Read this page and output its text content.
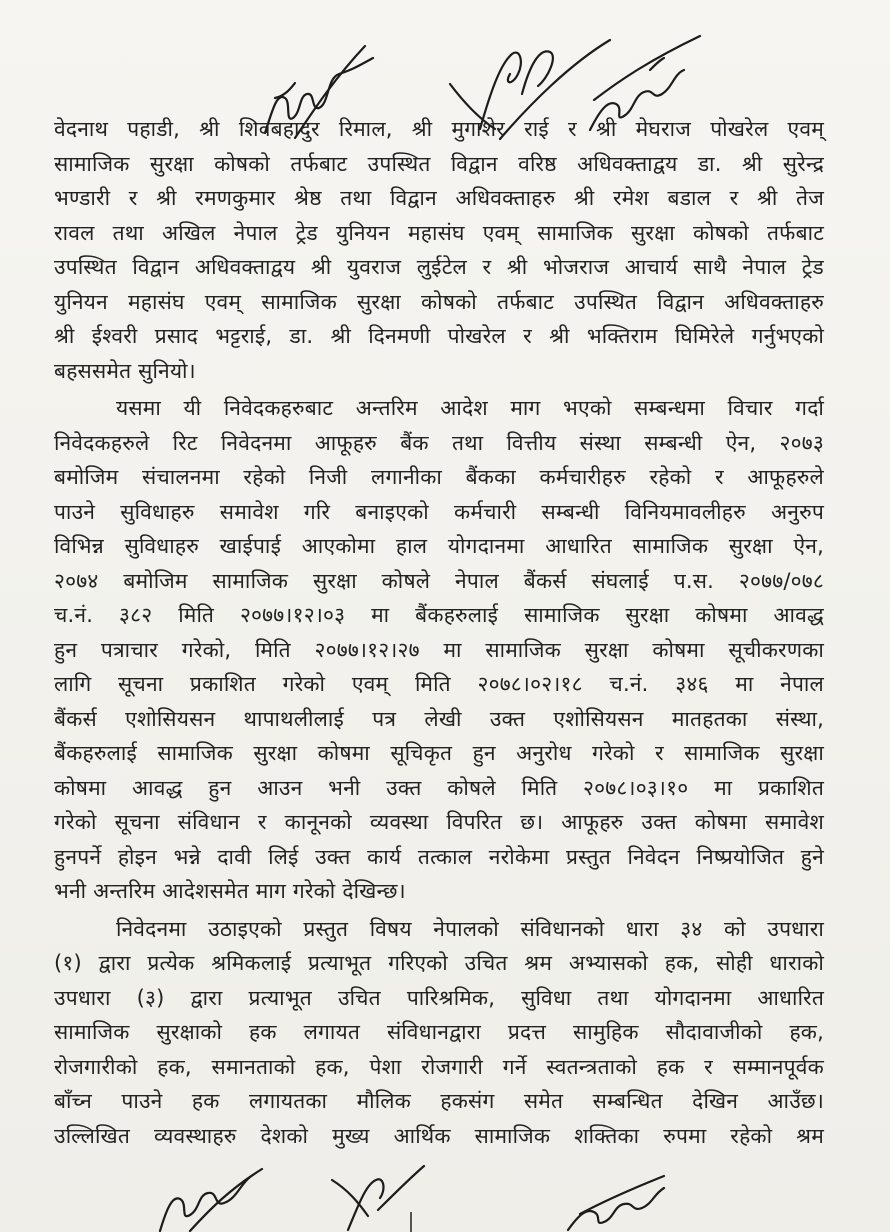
वेदनाथ पहाडी, श्री शिवबहादुर रिमाल, श्री मुगाशेर राई र श्री मेघराज पोखरेल एवम्
सामाजिक सुरक्षा कोषको तर्फबाट उपस्थित विद्वान वरिष्ठ अधिवक्ताद्वय डा. श्री सुरेन्द्र
भण्डारी र श्री रमणकुमार श्रेष्ठ तथा विद्वान अधिवक्ताहरु श्री रमेश बडाल र श्री तेज
रावल तथा अखिल नेपाल ट्रेड युनियन महासंघ एवम् सामाजिक सुरक्षा कोषको तर्फबाट
उपस्थित विद्वान अधिवक्ताद्वय श्री युवराज लुईटेल र श्री भोजराज आचार्य साथै नेपाल ट्रेड
युनियन महासंघ एवम् सामाजिक सुरक्षा कोषको तर्फबाट उपस्थित विद्वान अधिवक्ताहरु
श्री ईश्वरी प्रसाद भट्टराई, डा. श्री दिनमणी पोखरेल र श्री भक्तिराम घिमिरेले गर्नुभएको
बहससमेत सुनियो।
यसमा यी निवेदकहरुबाट अन्तरिम आदेश माग भएको सम्बन्धमा विचार गर्दा
निवेदकहरुले रिट निवेदनमा आफूहरु बैंक तथा वित्तीय संस्था सम्बन्धी ऐन, २०७३
बमोजिम संचालनमा रहेको निजी लगानीका बैंकका कर्मचारीहरु रहेको र आफूहरुले
पाउने सुविधाहरु समावेश गरि बनाइएको कर्मचारी सम्बन्धी विनियमावलीहरु अनुरुप
विभिन्न सुविधाहरु खाईपाई आएकोमा हाल योगदानमा आधारित सामाजिक सुरक्षा ऐन,
२०७४ बमोजिम सामाजिक सुरक्षा कोषले नेपाल बैंकर्स संघलाई प.स. २०७७/०७८
च.नं. ३८२ मिति २०७७।१२।०३ मा बैंकहरुलाई सामाजिक सुरक्षा कोषमा आवद्ध
हुन पत्राचार गरेको, मिति २०७७।१२।२७ मा सामाजिक सुरक्षा कोषमा सूचीकरणका
लागि सूचना प्रकाशित गरेको एवम् मिति २०७८।०२।१८ च.नं. ३४६ मा नेपाल
बैंकर्स एशोसियसन थापाथलीलाई पत्र लेखी उक्त एशोसियसन मातहतका संस्था,
बैंकहरुलाई सामाजिक सुरक्षा कोषमा सूचिकृत हुन अनुरोध गरेको र सामाजिक सुरक्षा
कोषमा आवद्ध हुन आउन भनी उक्त कोषले मिति २०७८।०३।१० मा प्रकाशित
गरेको सूचना संविधान र कानूनको व्यवस्था विपरित छ। आफूहरु उक्त कोषमा समावेश
हुनपर्ने होइन भन्ने दावी लिई उक्त कार्य तत्काल नरोकेमा प्रस्तुत निवेदन निष्प्रयोजित हुने
भनी अन्तरिम आदेशसमेत माग गरेको देखिन्छ।
निवेदनमा उठाइएको प्रस्तुत विषय नेपालको संविधानको धारा ३४ को उपधारा
(१) द्वारा प्रत्येक श्रमिकलाई प्रत्याभूत गरिएको उचित श्रम अभ्यासको हक, सोही धाराको
उपधारा (३) द्वारा प्रत्याभूत उचित पारिश्रमिक, सुविधा तथा योगदानमा आधारित
सामाजिक सुरक्षाको हक लगायत संविधानद्वारा प्रदत्त सामुहिक सौदावाजीको हक,
रोजगारीको हक, समानताको हक, पेशा रोजगारी गर्ने स्वतन्त्रताको हक र सम्मानपूर्वक
बाँच्न पाउने हक लगायतका मौलिक हकसंग समेत सम्बन्धित देखिन आउँछ।
उल्लिखित व्यवस्थाहरु देशको मुख्य आर्थिक सामाजिक शक्तिका रुपमा रहेको श्रम
